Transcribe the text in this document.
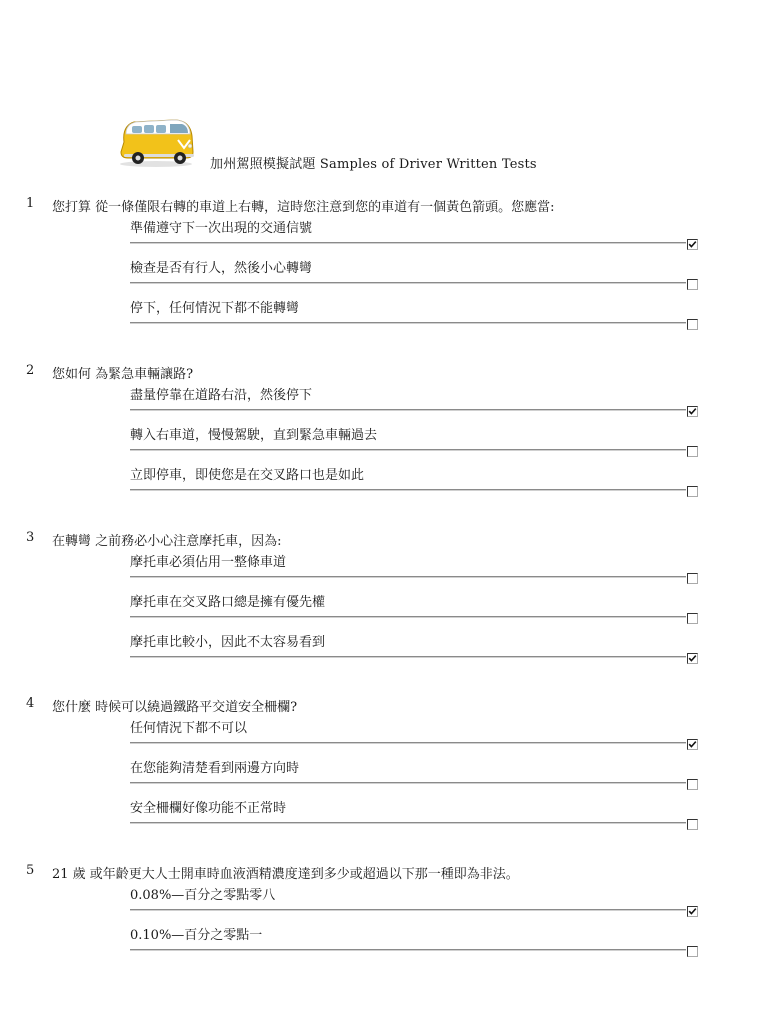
加州駕照模擬試題 Samples of Driver Written Tests
1 您打算 從一條僅限右轉的車道上右轉，這時您注意到您的車道有一個黃色箭頭。您應當:
準備遵守下一次出現的交通信號
檢查是否有行人，然後小心轉彎
停下，任何情況下都不能轉彎
2 您如何 為緊急車輛讓路?
盡量停靠在道路右沿，然後停下
轉入右車道，慢慢駕駛，直到緊急車輛過去
立即停車，即使您是在交叉路口也是如此
3 在轉彎 之前務必小心注意摩托車，因為:
摩托車必須佔用一整條車道
摩托車在交叉路口總是擁有優先權
摩托車比較小，因此不太容易看到
4 您什麼 時候可以繞過鐵路平交道安全柵欄?
任何情況下都不可以
在您能夠清楚看到兩邊方向時
安全柵欄好像功能不正常時
5 21 歲 或年齡更大人士開車時血液酒精濃度達到多少或超過以下那一種即為非法。
0.08%—百分之零點零八
0.10%—百分之零點一
